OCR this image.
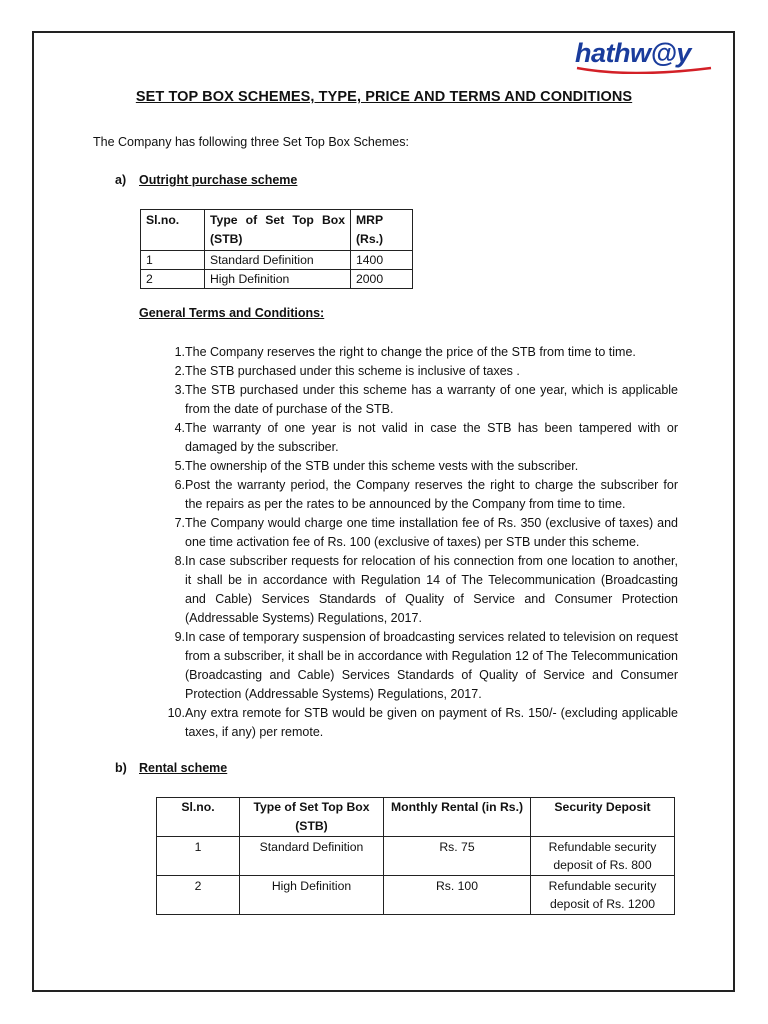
hathw@y
SET TOP BOX SCHEMES, TYPE, PRICE AND TERMS AND CONDITIONS
The Company has following three Set Top Box Schemes:
a) Outright purchase scheme
Sl.no.	Type of Set Top Box (STB)	MRP (Rs.)
1	Standard Definition	1400
2	High Definition	2000
General Terms and Conditions:
1. The Company reserves the right to change the price of the STB from time to time.
2. The STB purchased under this scheme is inclusive of taxes .
3. The STB purchased under this scheme has a warranty of one year, which is applicable from the date of purchase of the STB.
4. The warranty of one year is not valid in case the STB has been tampered with or damaged by the subscriber.
5. The ownership of the STB under this scheme vests with the subscriber.
6. Post the warranty period, the Company reserves the right to charge the subscriber for the repairs as per the rates to be announced by the Company from time to time.
7. The Company would charge one time installation fee of Rs. 350 (exclusive of taxes) and one time activation fee of Rs. 100 (exclusive of taxes) per STB under this scheme.
8. In case subscriber requests for relocation of his connection from one location to another, it shall be in accordance with Regulation 14 of The Telecommunication (Broadcasting and Cable) Services Standards of Quality of Service and Consumer Protection (Addressable Systems) Regulations, 2017.
9. In case of temporary suspension of broadcasting services related to television on request from a subscriber, it shall be in accordance with Regulation 12 of The Telecommunication (Broadcasting and Cable) Services Standards of Quality of Service and Consumer Protection (Addressable Systems) Regulations, 2017.
10. Any extra remote for STB would be given on payment of Rs. 150/- (excluding applicable taxes, if any) per remote.
b) Rental scheme
Sl.no.	Type of Set Top Box (STB)	Monthly Rental (in Rs.)	Security Deposit
1	Standard Definition	Rs. 75	Refundable security deposit of Rs. 800
2	High Definition	Rs. 100	Refundable security deposit of Rs. 1200
